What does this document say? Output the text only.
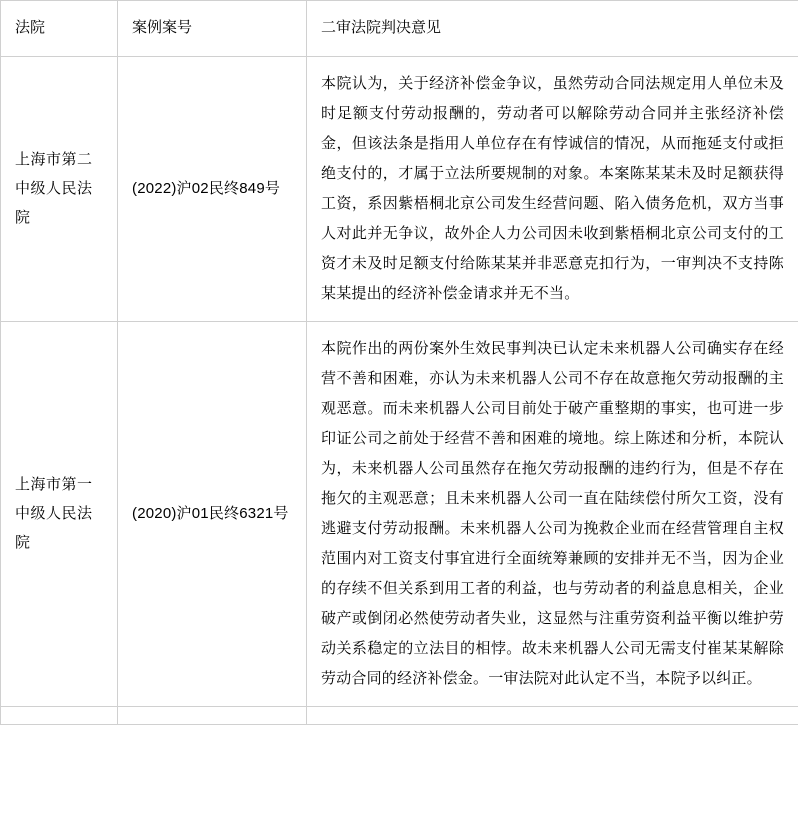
法院	案例案号	二审法院判决意见
上海市第二中级人民法院	(2022)沪02民终849号	本院认为，关于经济补偿金争议，虽然劳动合同法规定用人单位未及时足额支付劳动报酬的，劳动者可以解除劳动合同并主张经济补偿金，但该法条是指用人单位存在有悖诚信的情况，从而拖延支付或拒绝支付的，才属于立法所要规制的对象。本案陈某某未及时足额获得工资，系因紫梧桐北京公司发生经营问题、陷入债务危机，双方当事人对此并无争议，故外企人力公司因未收到紫梧桐北京公司支付的工资才未及时足额支付给陈某某并非恶意克扣行为，一审判决不支持陈某某提出的经济补偿金请求并无不当。
上海市第一中级人民法院	(2020)沪01民终6321号	本院作出的两份案外生效民事判决已认定未来机器人公司确实存在经营不善和困难，亦认为未来机器人公司不存在故意拖欠劳动报酬的主观恶意。而未来机器人公司目前处于破产重整期的事实，也可进一步印证公司之前处于经营不善和困难的境地。综上陈述和分析，本院认为，未来机器人公司虽然存在拖欠劳动报酬的违约行为，但是不存在拖欠的主观恶意；且未来机器人公司一直在陆续偿付所欠工资，没有逃避支付劳动报酬。未来机器人公司为挽救企业而在经营管理自主权范围内对工资支付事宜进行全面统筹兼顾的安排并无不当，因为企业的存续不但关系到用工者的利益，也与劳动者的利益息息相关，企业破产或倒闭必然使劳动者失业，这显然与注重劳资利益平衡以维护劳动关系稳定的立法目的相悖。故未来机器人公司无需支付崔某某解除劳动合同的经济补偿金。一审法院对此认定不当，本院予以纠正。
